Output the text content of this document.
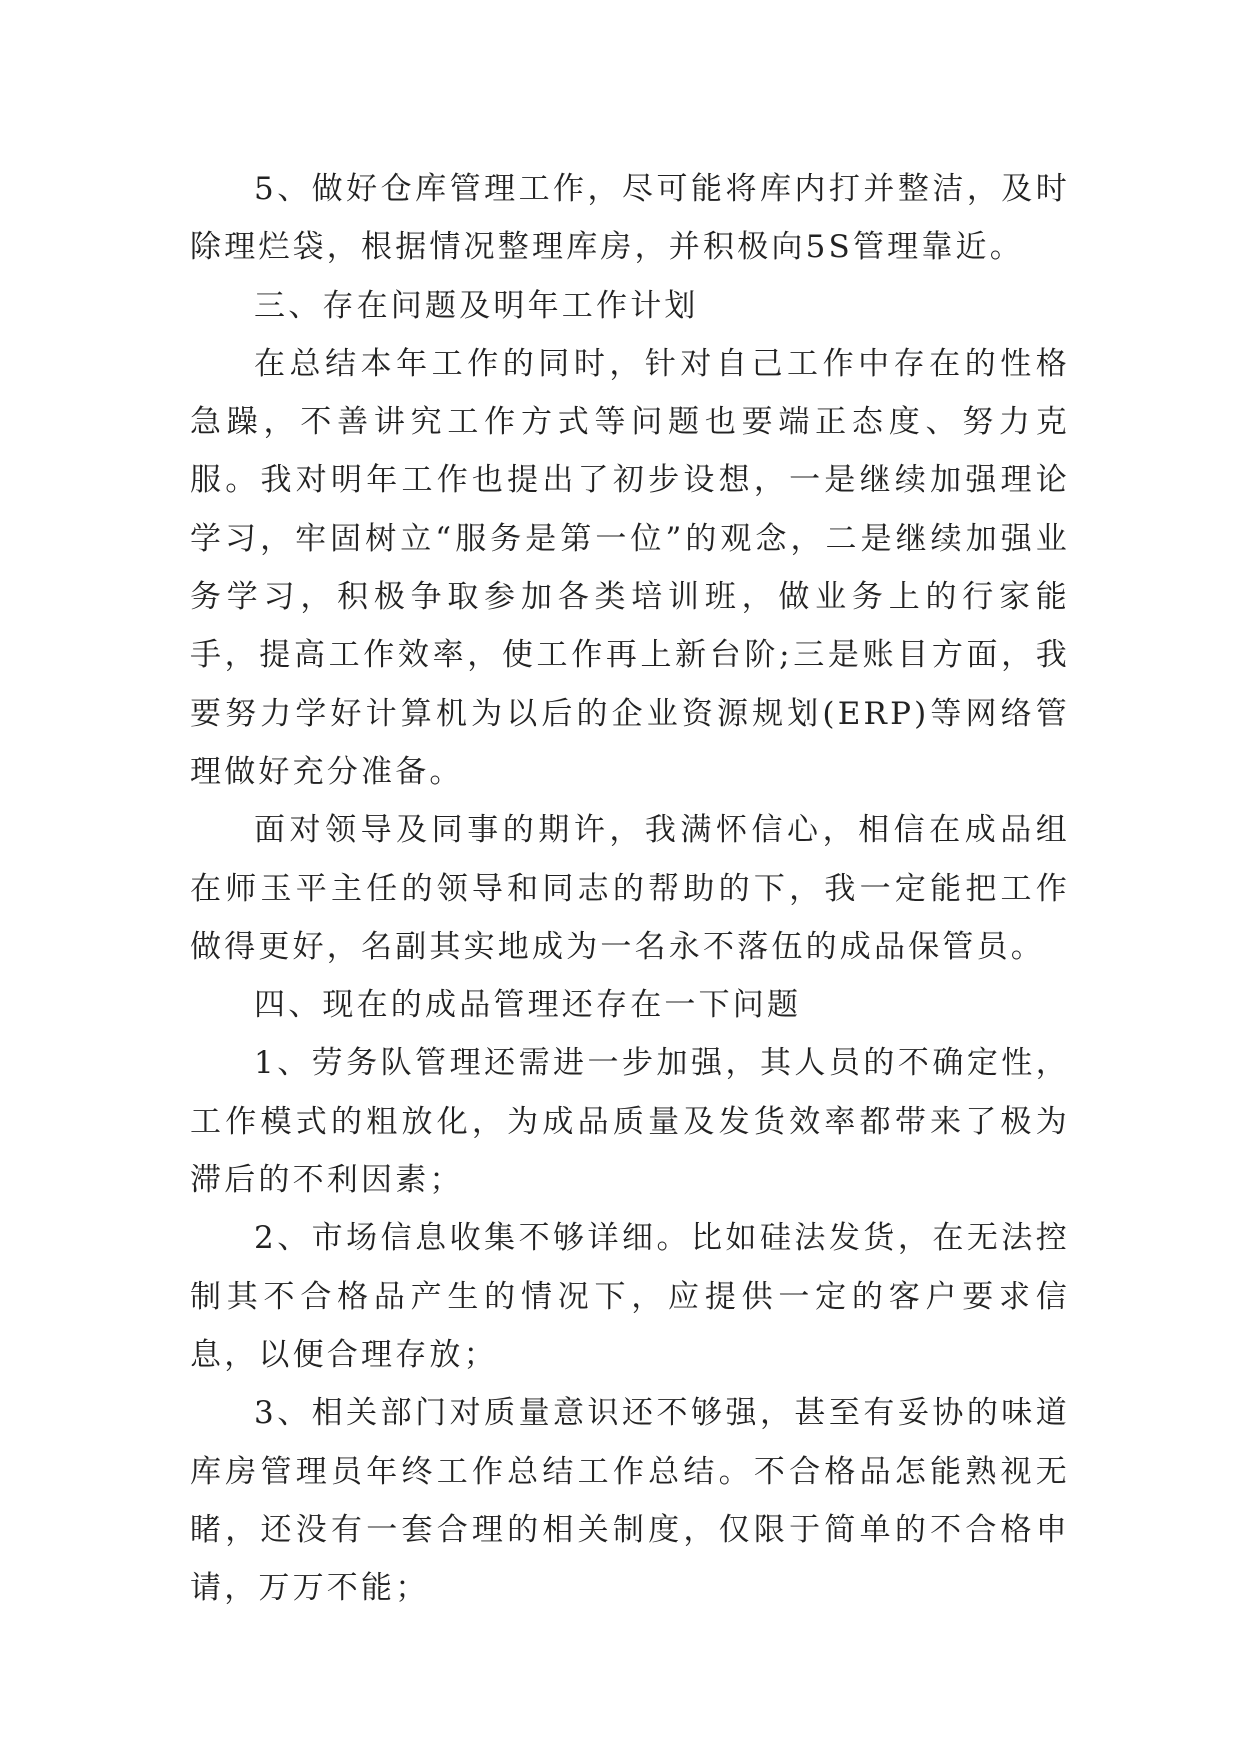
5、做好仓库管理工作，尽可能将库内打并整洁，及时除理烂袋，根据情况整理库房，并积极向5S管理靠近。

三、存在问题及明年工作计划

在总结本年工作的同时，针对自己工作中存在的性格急躁，不善讲究工作方式等问题也要端正态度、努力克服。我对明年工作也提出了初步设想，一是继续加强理论学习，牢固树立“服务是第一位”的观念，二是继续加强业务学习，积极争取参加各类培训班，做业务上的行家能手，提高工作效率，使工作再上新台阶;三是账目方面，我要努力学好计算机为以后的企业资源规划(ERP)等网络管理做好充分准备。

面对领导及同事的期许，我满怀信心，相信在成品组在师玉平主任的领导和同志的帮助的下，我一定能把工作做得更好，名副其实地成为一名永不落伍的成品保管员。

四、现在的成品管理还存在一下问题

1、劳务队管理还需进一步加强，其人员的不确定性，工作模式的粗放化，为成品质量及发货效率都带来了极为滞后的不利因素；

2、市场信息收集不够详细。比如硅法发货，在无法控制其不合格品产生的情况下，应提供一定的客户要求信息，以便合理存放；

3、相关部门对质量意识还不够强，甚至有妥协的味道库房管理员年终工作总结工作总结。不合格品怎能熟视无睹，还没有一套合理的相关制度，仅限于简单的不合格申请，万万不能；
